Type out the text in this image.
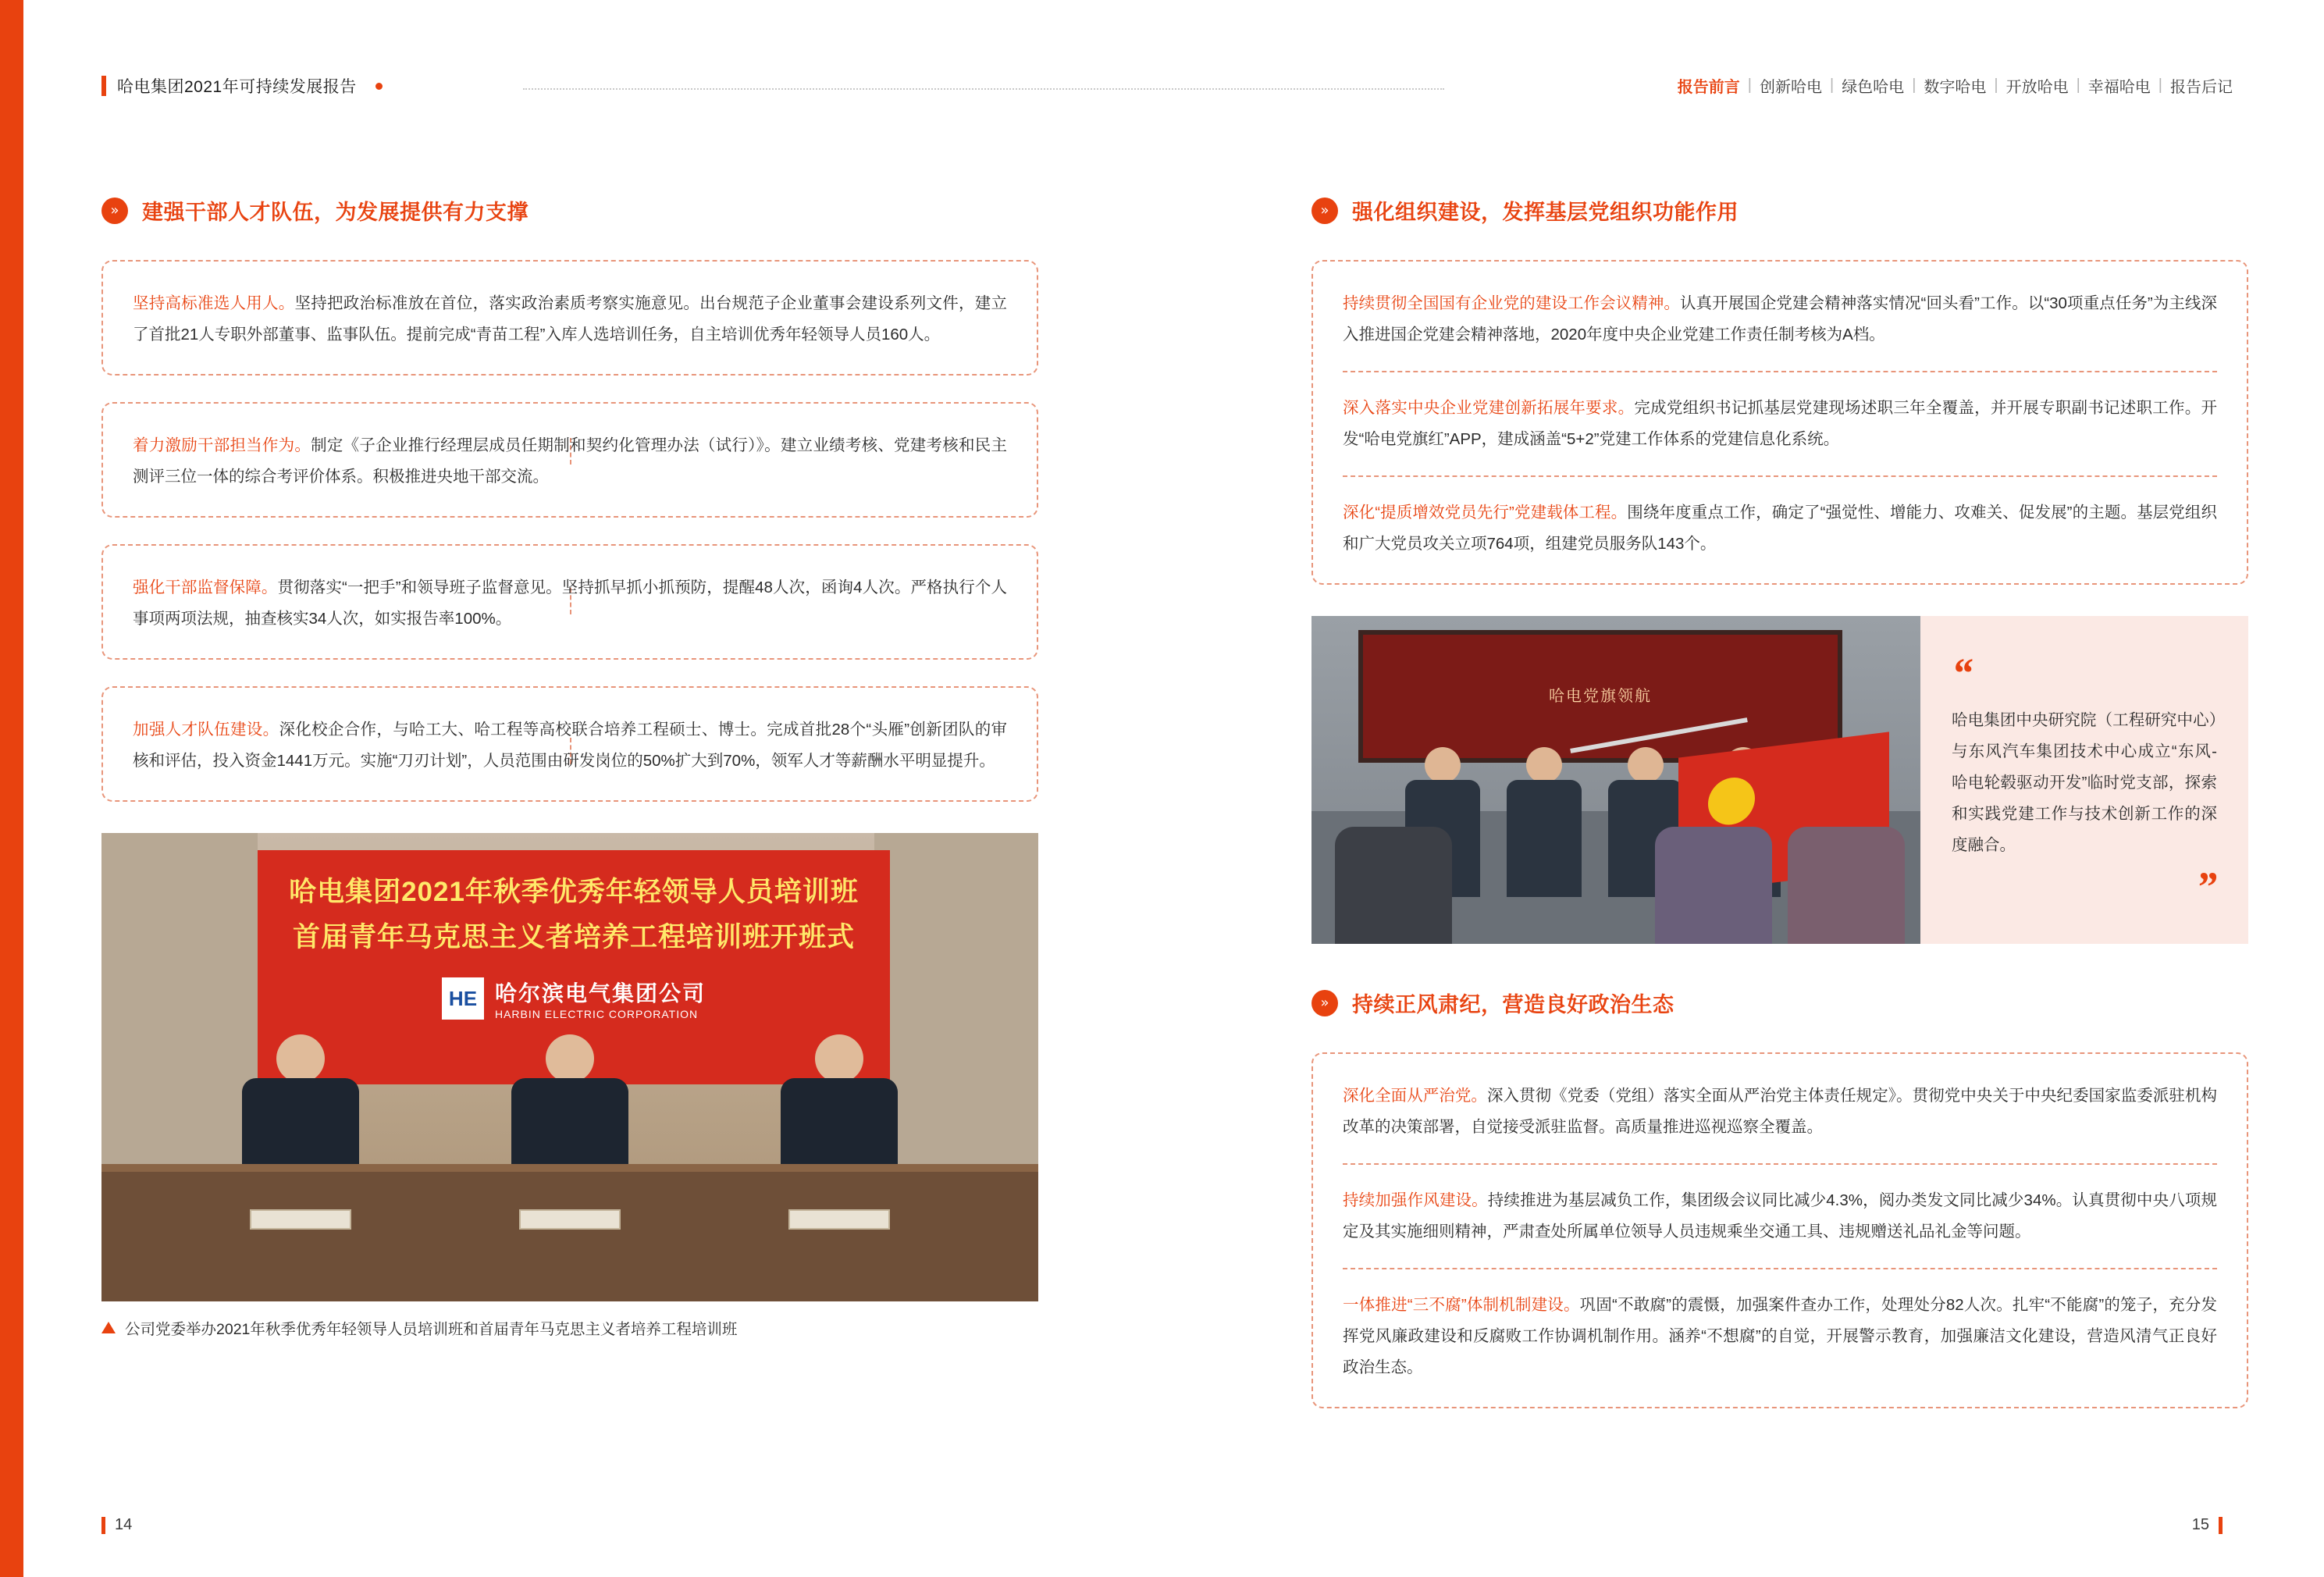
哈电集团2021年可持续发展报告	报告前言 | 创新哈电 | 绿色哈电 | 数字哈电 | 开放哈电 | 幸福哈电 | 报告后记
»	建强干部人才队伍，为发展提供有力支撑
坚持高标准选人用人。坚持把政治标准放在首位，落实政治素质考察实施意见。出台规范子企业董事会建设系列文件，建立了首批21人专职外部董事、监事队伍。提前完成“青苗工程”入库人选培训任务，自主培训优秀年轻领导人员160人。
着力激励干部担当作为。制定《子企业推行经理层成员任期制和契约化管理办法（试行）》。建立业绩考核、党建考核和民主测评三位一体的综合考评价体系。积极推进央地干部交流。
强化干部监督保障。贯彻落实“一把手”和领导班子监督意见。坚持抓早抓小抓预防，提醒48人次，函询4人次。严格执行个人事项两项法规，抽查核实34人次，如实报告率100%。
加强人才队伍建设。深化校企合作，与哈工大、哈工程等高校联合培养工程硕士、博士。完成首批28个“头雁”创新团队的审核和评估，投入资金1441万元。实施“刀刃计划”，人员范围由研发岗位的50%扩大到70%，领军人才等薪酬水平明显提升。
哈电集团2021年秋季优秀年轻领导人员培训班
首届青年马克思主义者培养工程培训班开班式
HE 哈尔滨电气集团公司
HARBIN ELECTRIC CORPORATION
公司党委举办2021年秋季优秀年轻领导人员培训班和首届青年马克思主义者培养工程培训班
»	强化组织建设，发挥基层党组织功能作用
持续贯彻全国国有企业党的建设工作会议精神。认真开展国企党建会精神落实情况“回头看”工作。以“30项重点任务”为主线深入推进国企党建会精神落地，2020年度中央企业党建工作责任制考核为A档。
深入落实中央企业党建创新拓展年要求。完成党组织书记抓基层党建现场述职三年全覆盖，并开展专职副书记述职工作。开发“哈电党旗红”APP，建成涵盖“5+2”党建工作体系的党建信息化系统。
深化“提质增效党员先行”党建载体工程。围绕年度重点工作，确定了“强觉性、增能力、攻难关、促发展”的主题。基层党组织和广大党员攻关立项764项，组建党员服务队143个。
哈电党旗领航	“
哈电集团中央研究院（工程研究中心）与东风汽车集团技术中心成立“东风-哈电轮毂驱动开发”临时党支部，探索和实践党建工作与技术创新工作的深度融合。
”
»	持续正风肃纪，营造良好政治生态
深化全面从严治党。深入贯彻《党委（党组）落实全面从严治党主体责任规定》。贯彻党中央关于中央纪委国家监委派驻机构改革的决策部署，自觉接受派驻监督。高质量推进巡视巡察全覆盖。
持续加强作风建设。持续推进为基层减负工作，集团级会议同比减少4.3%，阅办类发文同比减少34%。认真贯彻中央八项规定及其实施细则精神，严肃查处所属单位领导人员违规乘坐交通工具、违规赠送礼品礼金等问题。
一体推进“三不腐”体制机制建设。巩固“不敢腐”的震慑，加强案件查办工作，处理处分82人次。扎牢“不能腐”的笼子，充分发挥党风廉政建设和反腐败工作协调机制作用。涵养“不想腐”的自觉，开展警示教育，加强廉洁文化建设，营造风清气正良好政治生态。
14	15
